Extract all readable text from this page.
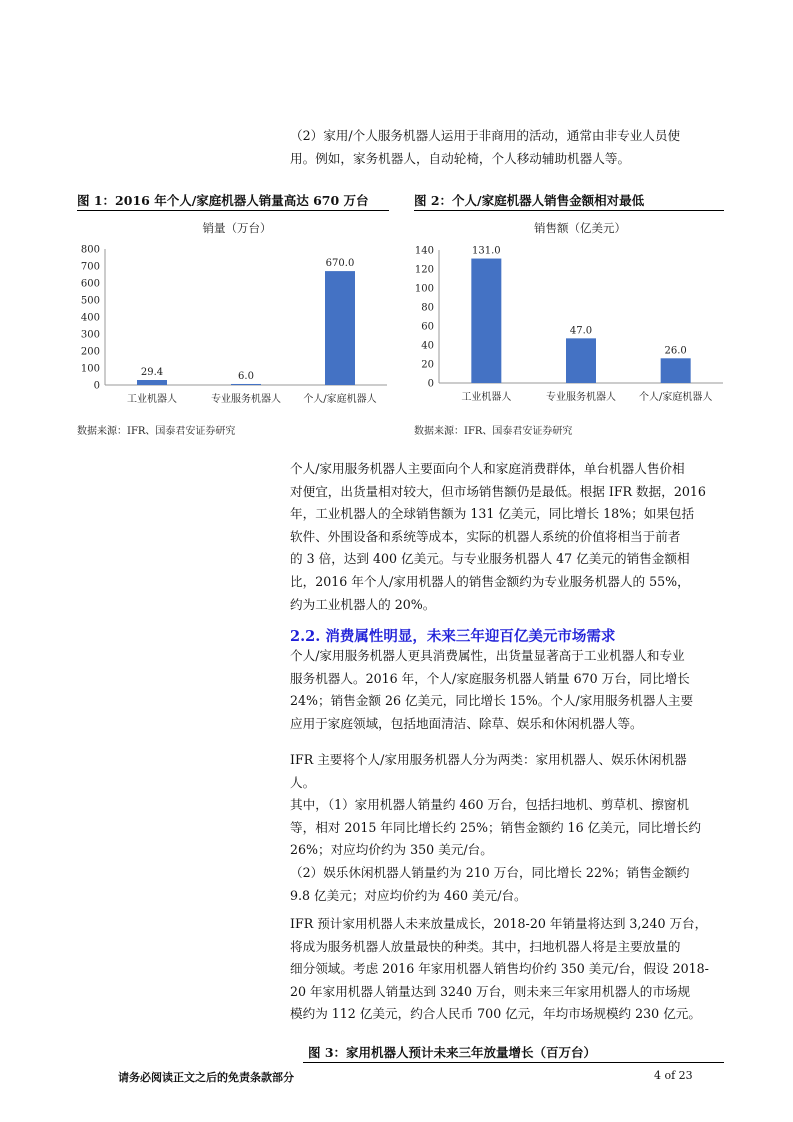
（2）家用/个人服务机器人运用于非商用的活动，通常由非专业人员使
用。例如，家务机器人，自动轮椅，个人移动辅助机器人等。
图 1：2016 年个人/家庭机器人销量高达 670 万台
销量（万台）
0
100
200
300
400
500
600
700
800
29.4	6.0
670.0
工业机器人	专业服务机器人 个人/家庭机器人
数据来源：IFR、国泰君安证券研究
图 2：个人/家庭机器人销售金额相对最低
销售额（亿美元）
0
20
40
60
80
100
120
140	131.0
47.0
26.0
工业机器人	专业服务机器人 个人/家庭机器人
数据来源：IFR、国泰君安证券研究
个人/家用服务机器人主要面向个人和家庭消费群体，单台机器人售价相
对便宜，出货量相对较大，但市场销售额仍是最低。根据 IFR 数据，2016
年，工业机器人的全球销售额为 131 亿美元，同比增长 18%；如果包括
软件、外围设备和系统等成本，实际的机器人系统的价值将相当于前者
的 3 倍，达到 400 亿美元。与专业服务机器人 47 亿美元的销售金额相
比，2016 年个人/家用机器人的销售金额约为专业服务机器人的 55%，
约为工业机器人的 20%。
2.2. 消费属性明显，未来三年迎百亿美元市场需求
个人/家用服务机器人更具消费属性，出货量显著高于工业机器人和专业
服务机器人。2016 年，个人/家庭服务机器人销量 670 万台，同比增长
24%；销售金额 26 亿美元，同比增长 15%。个人/家用服务机器人主要
应用于家庭领域，包括地面清洁、除草、娱乐和休闲机器人等。
IFR 主要将个人/家用服务机器人分为两类：家用机器人、娱乐休闲机器
人。
其中，（1）家用机器人销量约 460 万台，包括扫地机、剪草机、擦窗机
等，相对 2015 年同比增长约 25%；销售金额约 16 亿美元，同比增长约
26%；对应均价约为 350 美元/台。
（2）娱乐休闲机器人销量约为 210 万台，同比增长 22%；销售金额约
9.8 亿美元；对应均价约为 460 美元/台。
IFR 预计家用机器人未来放量成长，2018-20 年销量将达到 3,240 万台，
将成为服务机器人放量最快的种类。其中，扫地机器人将是主要放量的
细分领域。考虑 2016 年家用机器人销售均价约 350 美元/台，假设 2018-
20 年家用机器人销量达到 3240 万台，则未来三年家用机器人的市场规
模约为 112 亿美元，约合人民币 700 亿元，年均市场规模约 230 亿元。
图 3：家用机器人预计未来三年放量增长（百万台）
请务必阅读正文之后的免责条款部分	4 of 23
